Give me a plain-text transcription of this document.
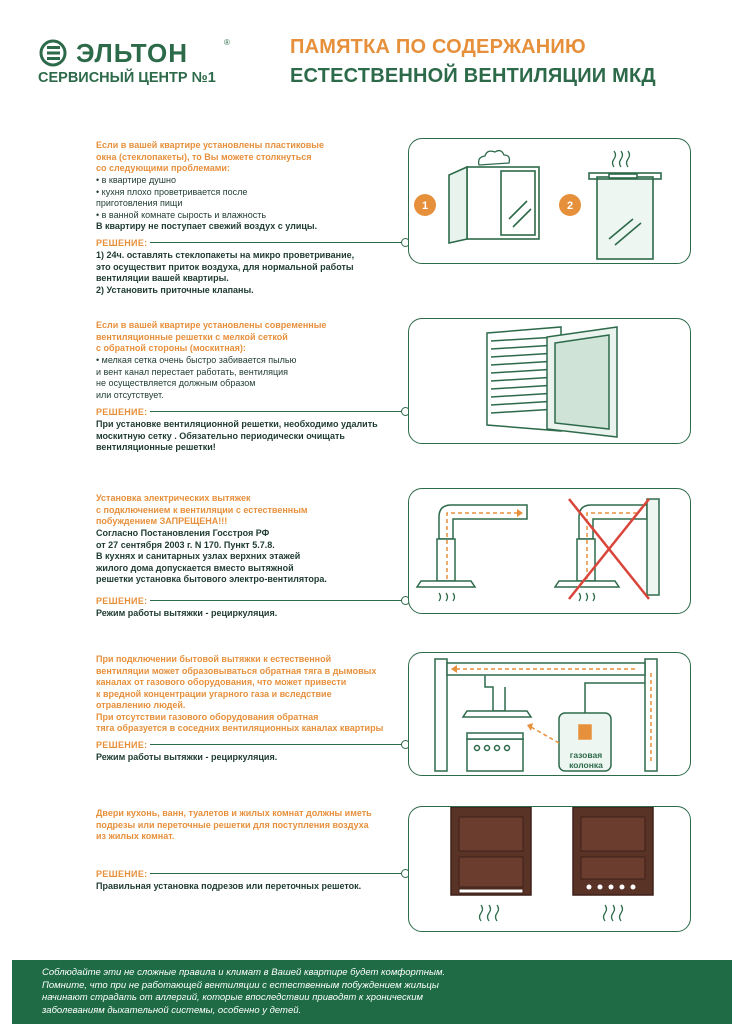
ЭЛЬТОН	®
СЕРВИСНЫЙ ЦЕНТР №1
ПАМЯТКА ПО СОДЕРЖАНИЮ
ЕСТЕСТВЕННОЙ ВЕНТИЛЯЦИИ МКД
Если в вашей квартире установлены пластиковые
окна (стеклопакеты), то Вы можете столкнуться
со следующими проблемами:
• в квартире душно
• кухня плохо проветривается после
приготовления пищи
• в ванной комнате сырость и влажность
В квартиру не поступает свежий воздух с улицы.
РЕШЕНИЕ:
1) 24ч. оставлять стеклопакеты на микро проветривание,
это осуществит приток воздуха, для нормальной работы
вентиляции вашей квартиры.
2) Установить приточные клапаны.
1	2
Если в вашей квартире установлены современные
вентиляционные решетки с мелкой сеткой
с обратной стороны (москитная):
• мелкая сетка очень быстро забивается пылью
и вент канал перестает работать, вентиляция
не осуществляется должным образом
или отсутствует.
РЕШЕНИЕ:
При установке вентиляционной решетки, необходимо удалить
москитную сетку . Обязательно периодически очищать
вентиляционные решетки!
Установка электрических вытяжек
с подключением к вентиляции с естественным
побуждением ЗАПРЕЩЕНА!!!
Согласно Постановления Госстроя РФ
от 27 сентября 2003 г. N 170. Пункт 5.7.8.
В кухнях и санитарных узлах верхних этажей
жилого дома допускается вместо вытяжной
решетки установка бытового электро-вентилятора.
РЕШЕНИЕ:
Режим работы вытяжки - рециркуляция.
При подключении бытовой вытяжки к естественной
вентиляции может образовываться обратная тяга в дымовых
каналах от газового оборудования, что может привести
к вредной концентрации угарного газа и вследствие
отравлению людей.
При отсутствии газового оборудования обратная
тяга образуется в соседних вентиляционных каналах квартиры
РЕШЕНИЕ:
Режим работы вытяжки - рециркуляция.	газовая
колонка
Двери кухонь, ванн, туалетов и жилых комнат должны иметь
подрезы или переточные решетки для поступления воздуха
из жилых комнат.
РЕШЕНИЕ:
Правильная установка подрезов или переточных решеток.

Соблюдайте эти не сложные правила и климат в Вашей квартире будет комфортным.
Помните, что при не работающей вентиляции с естественным побуждением жильцы
начинают страдать от аллергий, которые впоследствии приводят к хроническим
заболеваниям дыхательной системы, особенно у детей.
